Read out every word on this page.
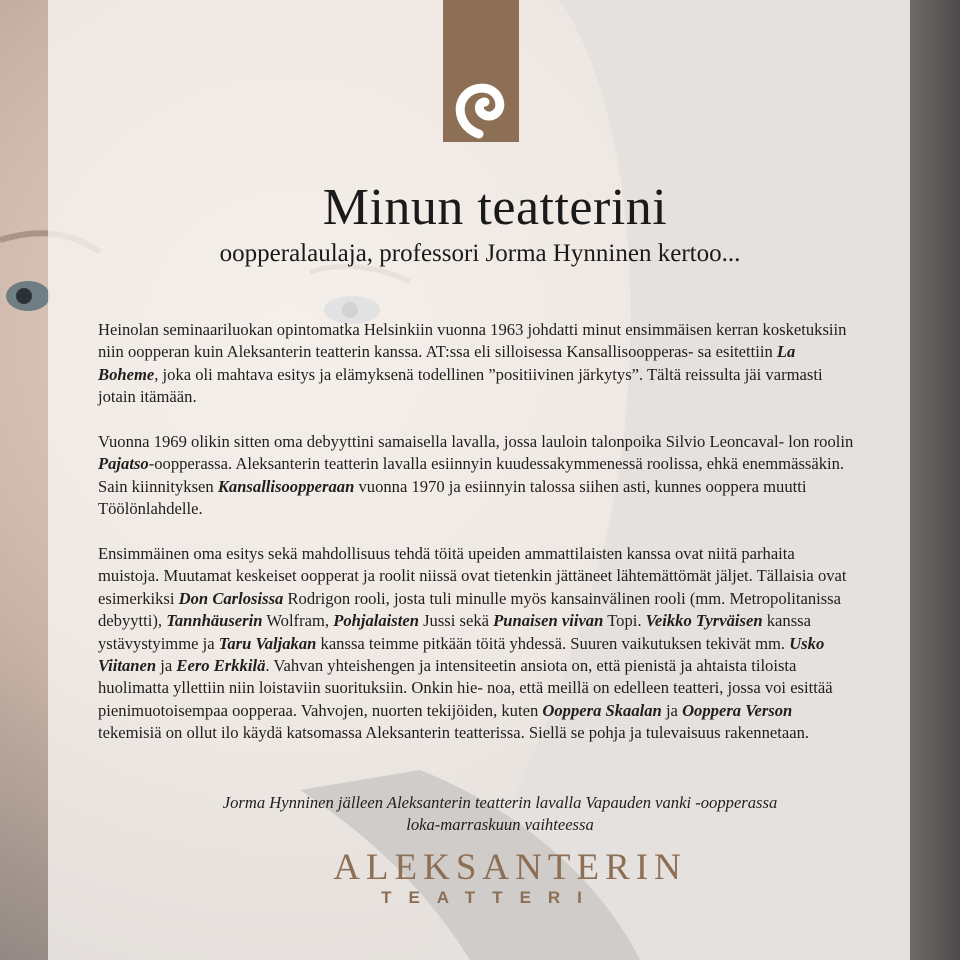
Minun teatterini
oopperalaulaja, professori Jorma Hynninen kertoo...

Heinolan seminaariluokan opintomatka Helsinkiin vuonna 1963 johdatti minut ensimmäisen kerran kosketuksiin niin oopperan kuin Aleksanterin teatterin kanssa. AT:ssa eli silloisessa Kansallisoopperas- sa esitettiin La Boheme, joka oli mahtava esitys ja elämyksenä todellinen ”positiivinen järkytys”. Tältä reissulta jäi varmasti jotain itämään.

Vuonna 1969 olikin sitten oma debyyttini samaisella lavalla, jossa lauloin talonpoika Silvio Leoncaval- lon roolin Pajatso-oopperassa. Aleksanterin teatterin lavalla esiinnyin kuudessakymmenessä roolissa, ehkä enemmässäkin. Sain kiinnityksen Kansallisoopperaan vuonna 1970 ja esiinnyin talossa siihen asti, kunnes ooppera muutti Töölönlahdelle.

Ensimmäinen oma esitys sekä mahdollisuus tehdä töitä upeiden ammattilaisten kanssa ovat niitä parhaita muistoja. Muutamat keskeiset oopperat ja roolit niissä ovat tietenkin jättäneet lähtemättömät jäljet. Tällaisia ovat esimerkiksi Don Carlosissa Rodrigon rooli, josta tuli minulle myös kansainvälinen rooli (mm. Metropolitanissa debyytti), Tannhäuserin Wolfram, Pohjalaisten Jussi sekä Punaisen viivan Topi. Veikko Tyrväisen kanssa ystävystyimme ja Taru Valjakan kanssa teimme pitkään töitä yhdessä. Suuren vaikutuksen tekivät mm. Usko Viitanen ja Eero Erkkilä. Vahvan yhteishengen ja intensiteetin ansiota on, että pienistä ja ahtaista tiloista huolimatta yllettiin niin loistaviin suorituksiin. Onkin hie- noa, että meillä on edelleen teatteri, jossa voi esittää pienimuotoisempaa oopperaa. Vahvojen, nuorten tekijöiden, kuten Ooppera Skaalan ja Ooppera Verson tekemisiä on ollut ilo käydä katsomassa Aleksanterin teatterissa. Siellä se pohja ja tulevaisuus rakennetaan.

Jorma Hynninen jälleen Aleksanterin teatterin lavalla Vapauden vanki -oopperassa
loka-marraskuun vaihteessa
ALEKSANTERIN
TEATTERI
